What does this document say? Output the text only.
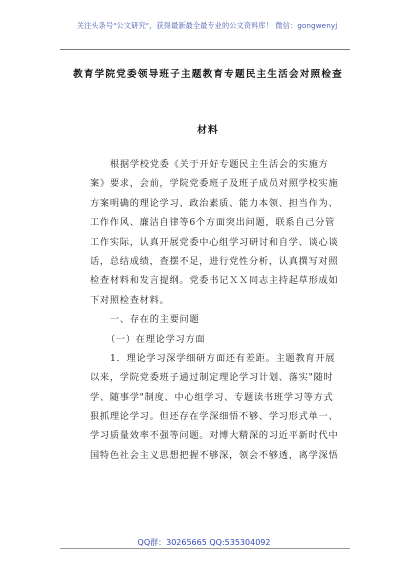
关注头条号"公文研究"，获得最新最全最专业的公文资料库！ 微信：gongwenyj
教育学院党委领导班子主题教育专题民主生活会对照检查
材料
根据学校党委《关于开好专题民主生活会的实施方
案》要求，会前，学院党委班子及班子成员对照学校实施
方案明确的理论学习、政治素质、能力本领、担当作为、
工作作风、廉洁自律等6个方面突出问题，联系自己分管
工作实际，认真开展党委中心组学习研讨和自学、谈心谈
话，总结成绩，查摆不足，进行党性分析，认真撰写对照
检查材料和发言提纲。党委书记ＸＸ同志主持起草形成如
下对照检查材料。
一、存在的主要问题
（一）在理论学习方面
1．理论学习深学细研方面还有差距。主题教育开展
以来，学院党委班子通过制定理论学习计划、落实"随时
学、随事学"制度、中心组学习、专题读书班学习等方式
狠抓理论学习。但还存在学深细悟不够、学习形式单一、
学习质量效率不强等问题。对博大精深的习近平新时代中
国特色社会主义思想把握不够深，领会不够透，离学深悟
QQ群：30265665 QQ:535304092
